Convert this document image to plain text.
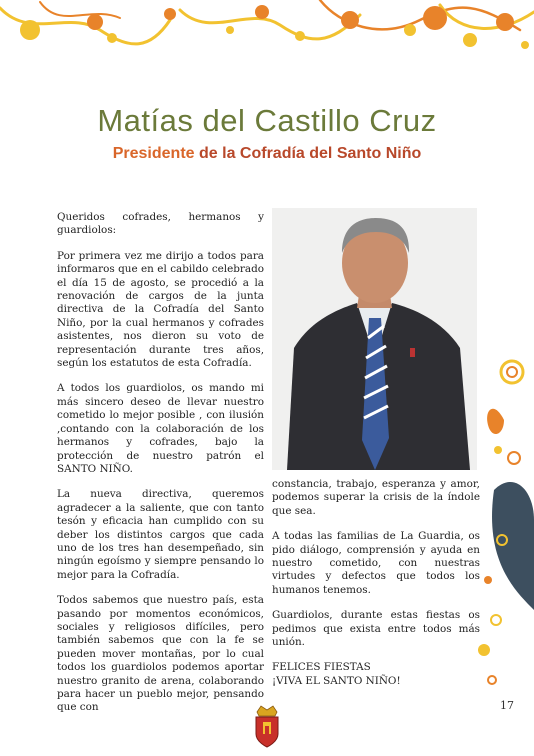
Matías del Castillo Cruz
Presidente de la Cofradía del Santo Niño

Queridos cofrades, hermanos y guardiolos:

Por primera vez me dirijo a todos para informaros que en el cabildo celebrado el día 15 de agosto, se procedió a la renovación de cargos de la junta directiva de la Cofradía del Santo Niño, por la cual hermanos y cofrades asistentes, nos dieron su voto de representación durante tres años, según los estatutos de esta Cofradía.

A todos los guardiolos, os mando mi más sincero deseo de llevar nuestro cometido lo mejor posible , con ilusión ,contando con la colaboración de los hermanos y cofrades, bajo la protección de nuestro patrón el SANTO NIÑO.

La nueva directiva, queremos agradecer a la saliente, que con tanto tesón y eficacia han cumplido con su deber los distintos cargos que cada uno de los tres han desempeñado, sin ningún egoísmo y siempre pensando lo mejor para la Cofradía.

Todos sabemos que nuestro país, esta pasando por momentos económicos, sociales y religiosos difíciles, pero también sabemos que con la fe se pueden mover montañas, por lo cual todos los guardiolos podemos aportar nuestro granito de arena, colaborando para hacer un pueblo mejor, pensando que con

constancia, trabajo, esperanza y amor, podemos superar la crisis de la índole que sea.

A todas las familias de La Guardia, os pido diálogo, comprensión y ayuda en nuestro cometido, con nuestras virtudes y defectos que todos los humanos tenemos.

Guardiolos, durante estas fiestas os pedimos que exista entre todos más unión.

FELICES FIESTAS
¡VIVA EL SANTO NIÑO!

17
